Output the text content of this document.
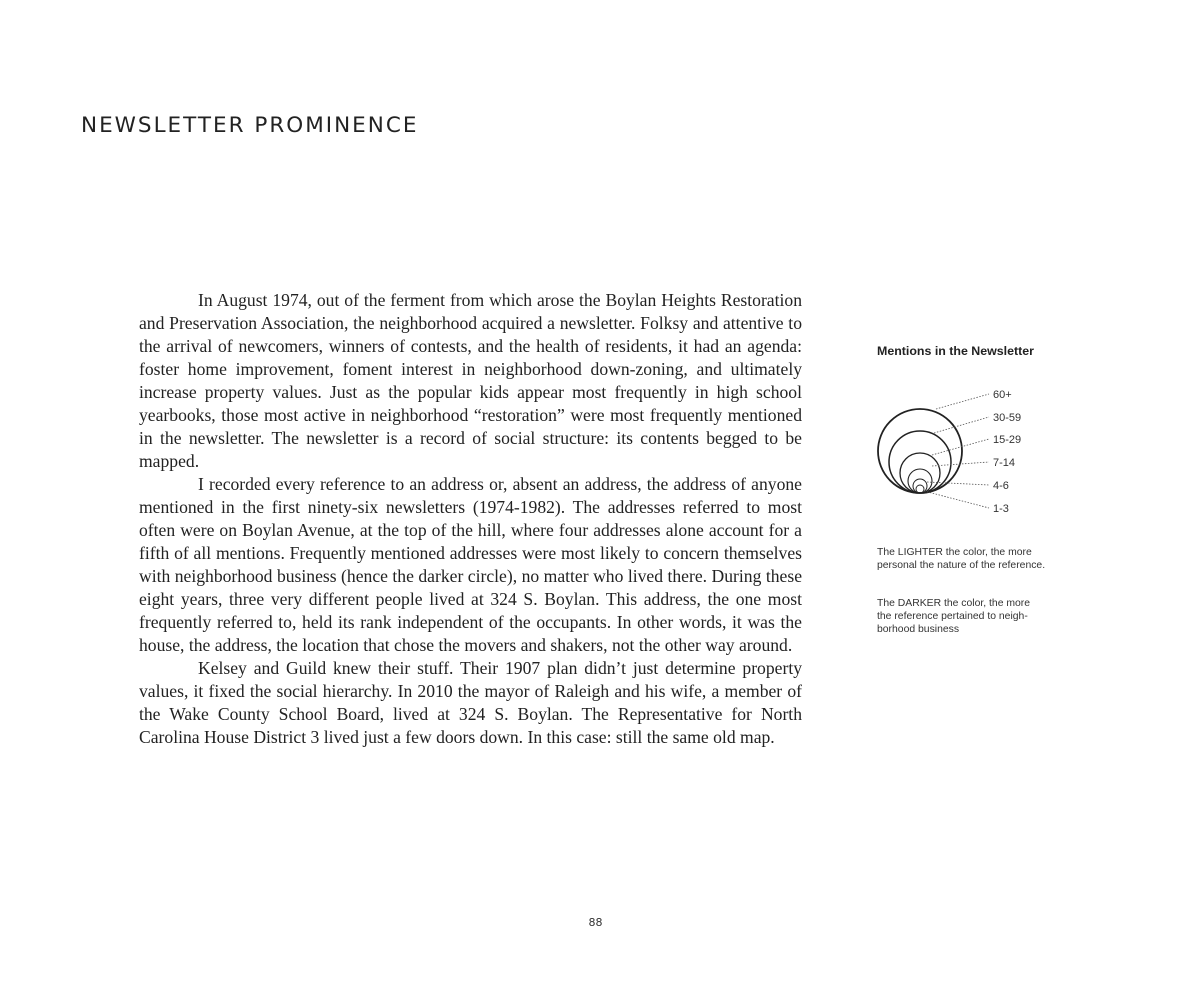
NEWSLETTER PROMINENCE

In August 1974, out of the ferment from which arose the Boylan Heights Restoration and Preservation Association, the neighborhood acquired a newsletter. Folksy and attentive to the arrival of newcomers, winners of contests, and the health of residents, it had an agenda: foster home improvement, foment interest in neighborhood down-zoning, and ultimately increase property values. Just as the popular kids appear most frequently in high school yearbooks, those most active in neighborhood “restoration” were most frequently mentioned in the newsletter. The newsletter is a record of social structure: its contents begged to be mapped.

I recorded every reference to an address or, absent an address, the address of anyone mentioned in the first ninety-six newsletters (1974-1982). The addresses referred to most often were on Boylan Avenue, at the top of the hill, where four addresses alone account for a fifth of all mentions. Frequently mentioned addresses were most likely to concern themselves with neighborhood business (hence the darker circle), no matter who lived there. During these eight years, three very different people lived at 324 S. Boylan. This address, the one most frequently referred to, held its rank independent of the occupants. In other words, it was the house, the address, the location that chose the movers and shakers, not the other way around.

Kelsey and Guild knew their stuff. Their 1907 plan didn’t just determine property values, it fixed the social hierarchy. In 2010 the mayor of Raleigh and his wife, a member of the Wake County School Board, lived at 324 S. Boylan. The Representative for North Carolina House District 3 lived just a few doors down. In this case: still the same old map.

Mentions in the Newsletter
60+
30-59
15-29
7-14
4-6
1-3

The LIGHTER the color, the more personal the nature of the reference.

The DARKER the color, the more the reference pertained to neighborhood business

88
